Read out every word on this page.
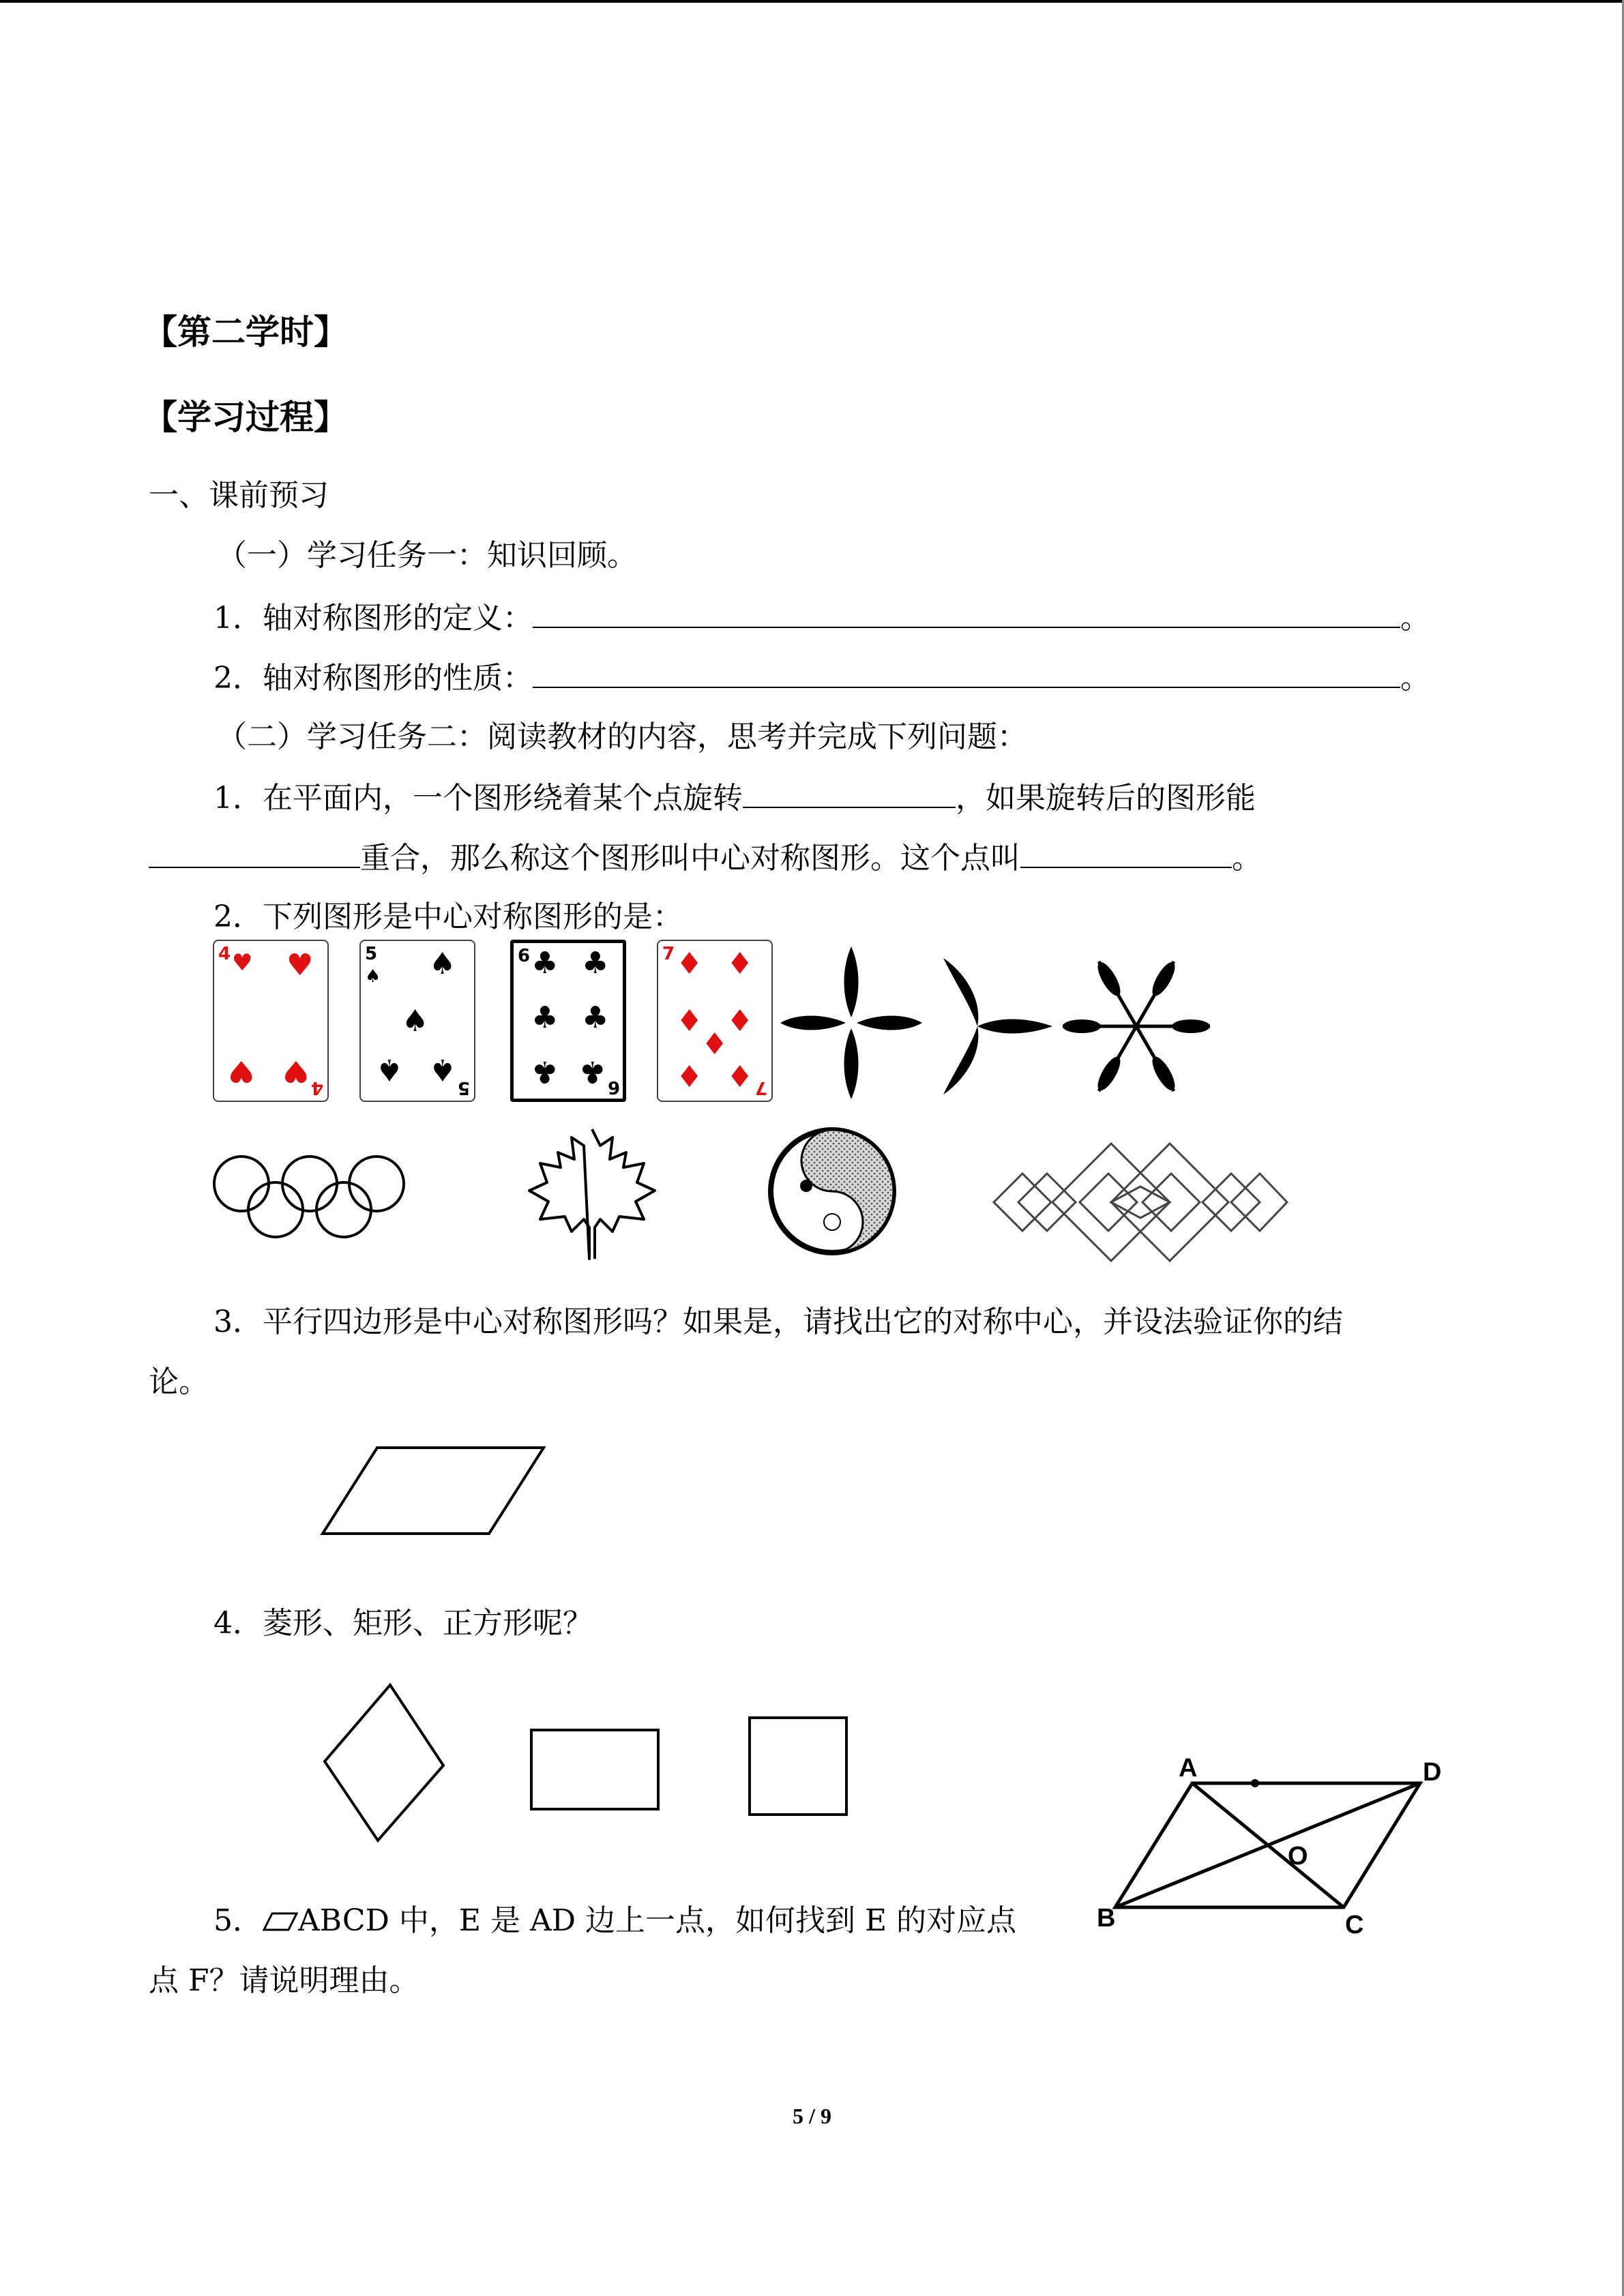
【第二学时】
【学习过程】
一、课前预习
（一）学习任务一：知识回顾。
1．轴对称图形的定义：	。
2．轴对称图形的性质：	。
（二）学习任务二：阅读教材的内容，思考并完成下列问题：
1．在平面内，一个图形绕着某个点旋转	，如果旋转后的图形能
重合，那么称这个图形叫中心对称图形。这个点叫	。
2．下列图形是中心对称图形的是：
4 ♥ ♥
♥ ♥ 4
5
♠ ♠
♠
♠ ♠
5
6 ♣ ♣
♣ ♣
♣ ♣ 6
7 ♦ ♦
♦ ♦
♦
♦ ♦ 7
3．平行四边形是中心对称图形吗？如果是，请找出它的对称中心，并设法验证你的结
论。
4．菱形、矩形、正方形呢？
A	D
B	C
O
5． ABCD 中，E 是 AD 边上一点，如何找到 E 的对应点
点 F？请说明理由。
5 / 9
